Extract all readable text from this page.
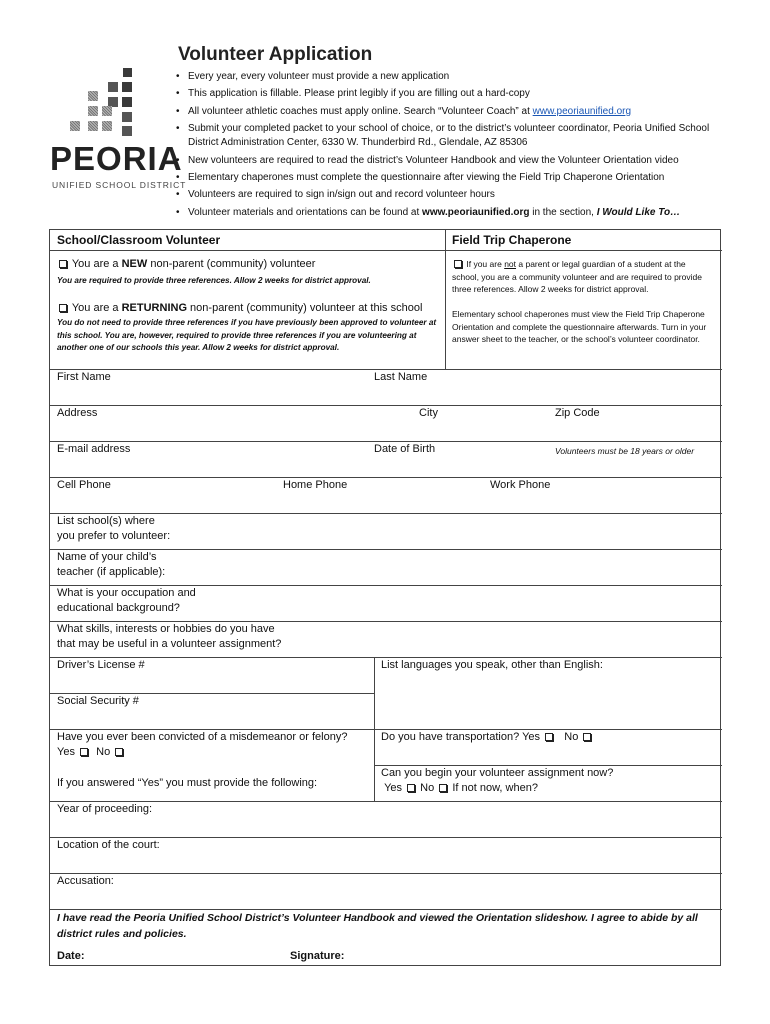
PEORIA
UNIFIED SCHOOL DISTRICT
Volunteer Application
• Every year, every volunteer must provide a new application
• This application is fillable. Please print legibly if you are filling out a hard-copy
• All volunteer athletic coaches must apply online. Search “Volunteer Coach” at www.peoriaunified.org
• Submit your completed packet to your school of choice, or to the district’s volunteer coordinator, Peoria Unified School District Administration Center, 6330 W. Thunderbird Rd., Glendale, AZ 85306
• New volunteers are required to read the district’s Volunteer Handbook and view the Volunteer Orientation video
• Elementary chaperones must complete the questionnaire after viewing the Field Trip Chaperone Orientation
• Volunteers are required to sign in/sign out and record volunteer hours
• Volunteer materials and orientations can be found at www.peoriaunified.org in the section, I Would Like To…
School/Classroom Volunteer	Field Trip Chaperone
You are a NEW non-parent (community) volunteer
You are required to provide three references. Allow 2 weeks for district approval.
You are a RETURNING non-parent (community) volunteer at this school
You do not need to provide three references if you have previously been approved to volunteer at this school. You are, however, required to provide three references if you are volunteering at another one of our schools this year. Allow 2 weeks for district approval.
If you are not a parent or legal guardian of a student at the school, you are a community volunteer and are required to provide three references. Allow 2 weeks for district approval.
Elementary school chaperones must view the Field Trip Chaperone Orientation and complete the questionnaire afterwards. Turn in your answer sheet to the teacher, or the school’s volunteer coordinator.
First Name	Last Name
Address	City	Zip Code
E-mail address	Date of Birth	Volunteers must be 18 years or older
Cell Phone	Home Phone	Work Phone
List school(s) where
you prefer to volunteer:
Name of your child’s
teacher (if applicable):
What is your occupation and
educational background?
What skills, interests or hobbies do you have
that may be useful in a volunteer assignment?
Driver’s License #	List languages you speak, other than English:
Social Security #
Have you ever been convicted of a misdemeanor or felony?
Yes No
If you answered “Yes” you must provide the following:
Do you have transportation? Yes No
Can you begin your volunteer assignment now?
Yes No If not now, when?
Year of proceeding:
Location of the court:
Accusation:
I have read the Peoria Unified School District’s Volunteer Handbook and viewed the Orientation slideshow. I agree to abide by all district rules and policies.
Date:	Signature:
